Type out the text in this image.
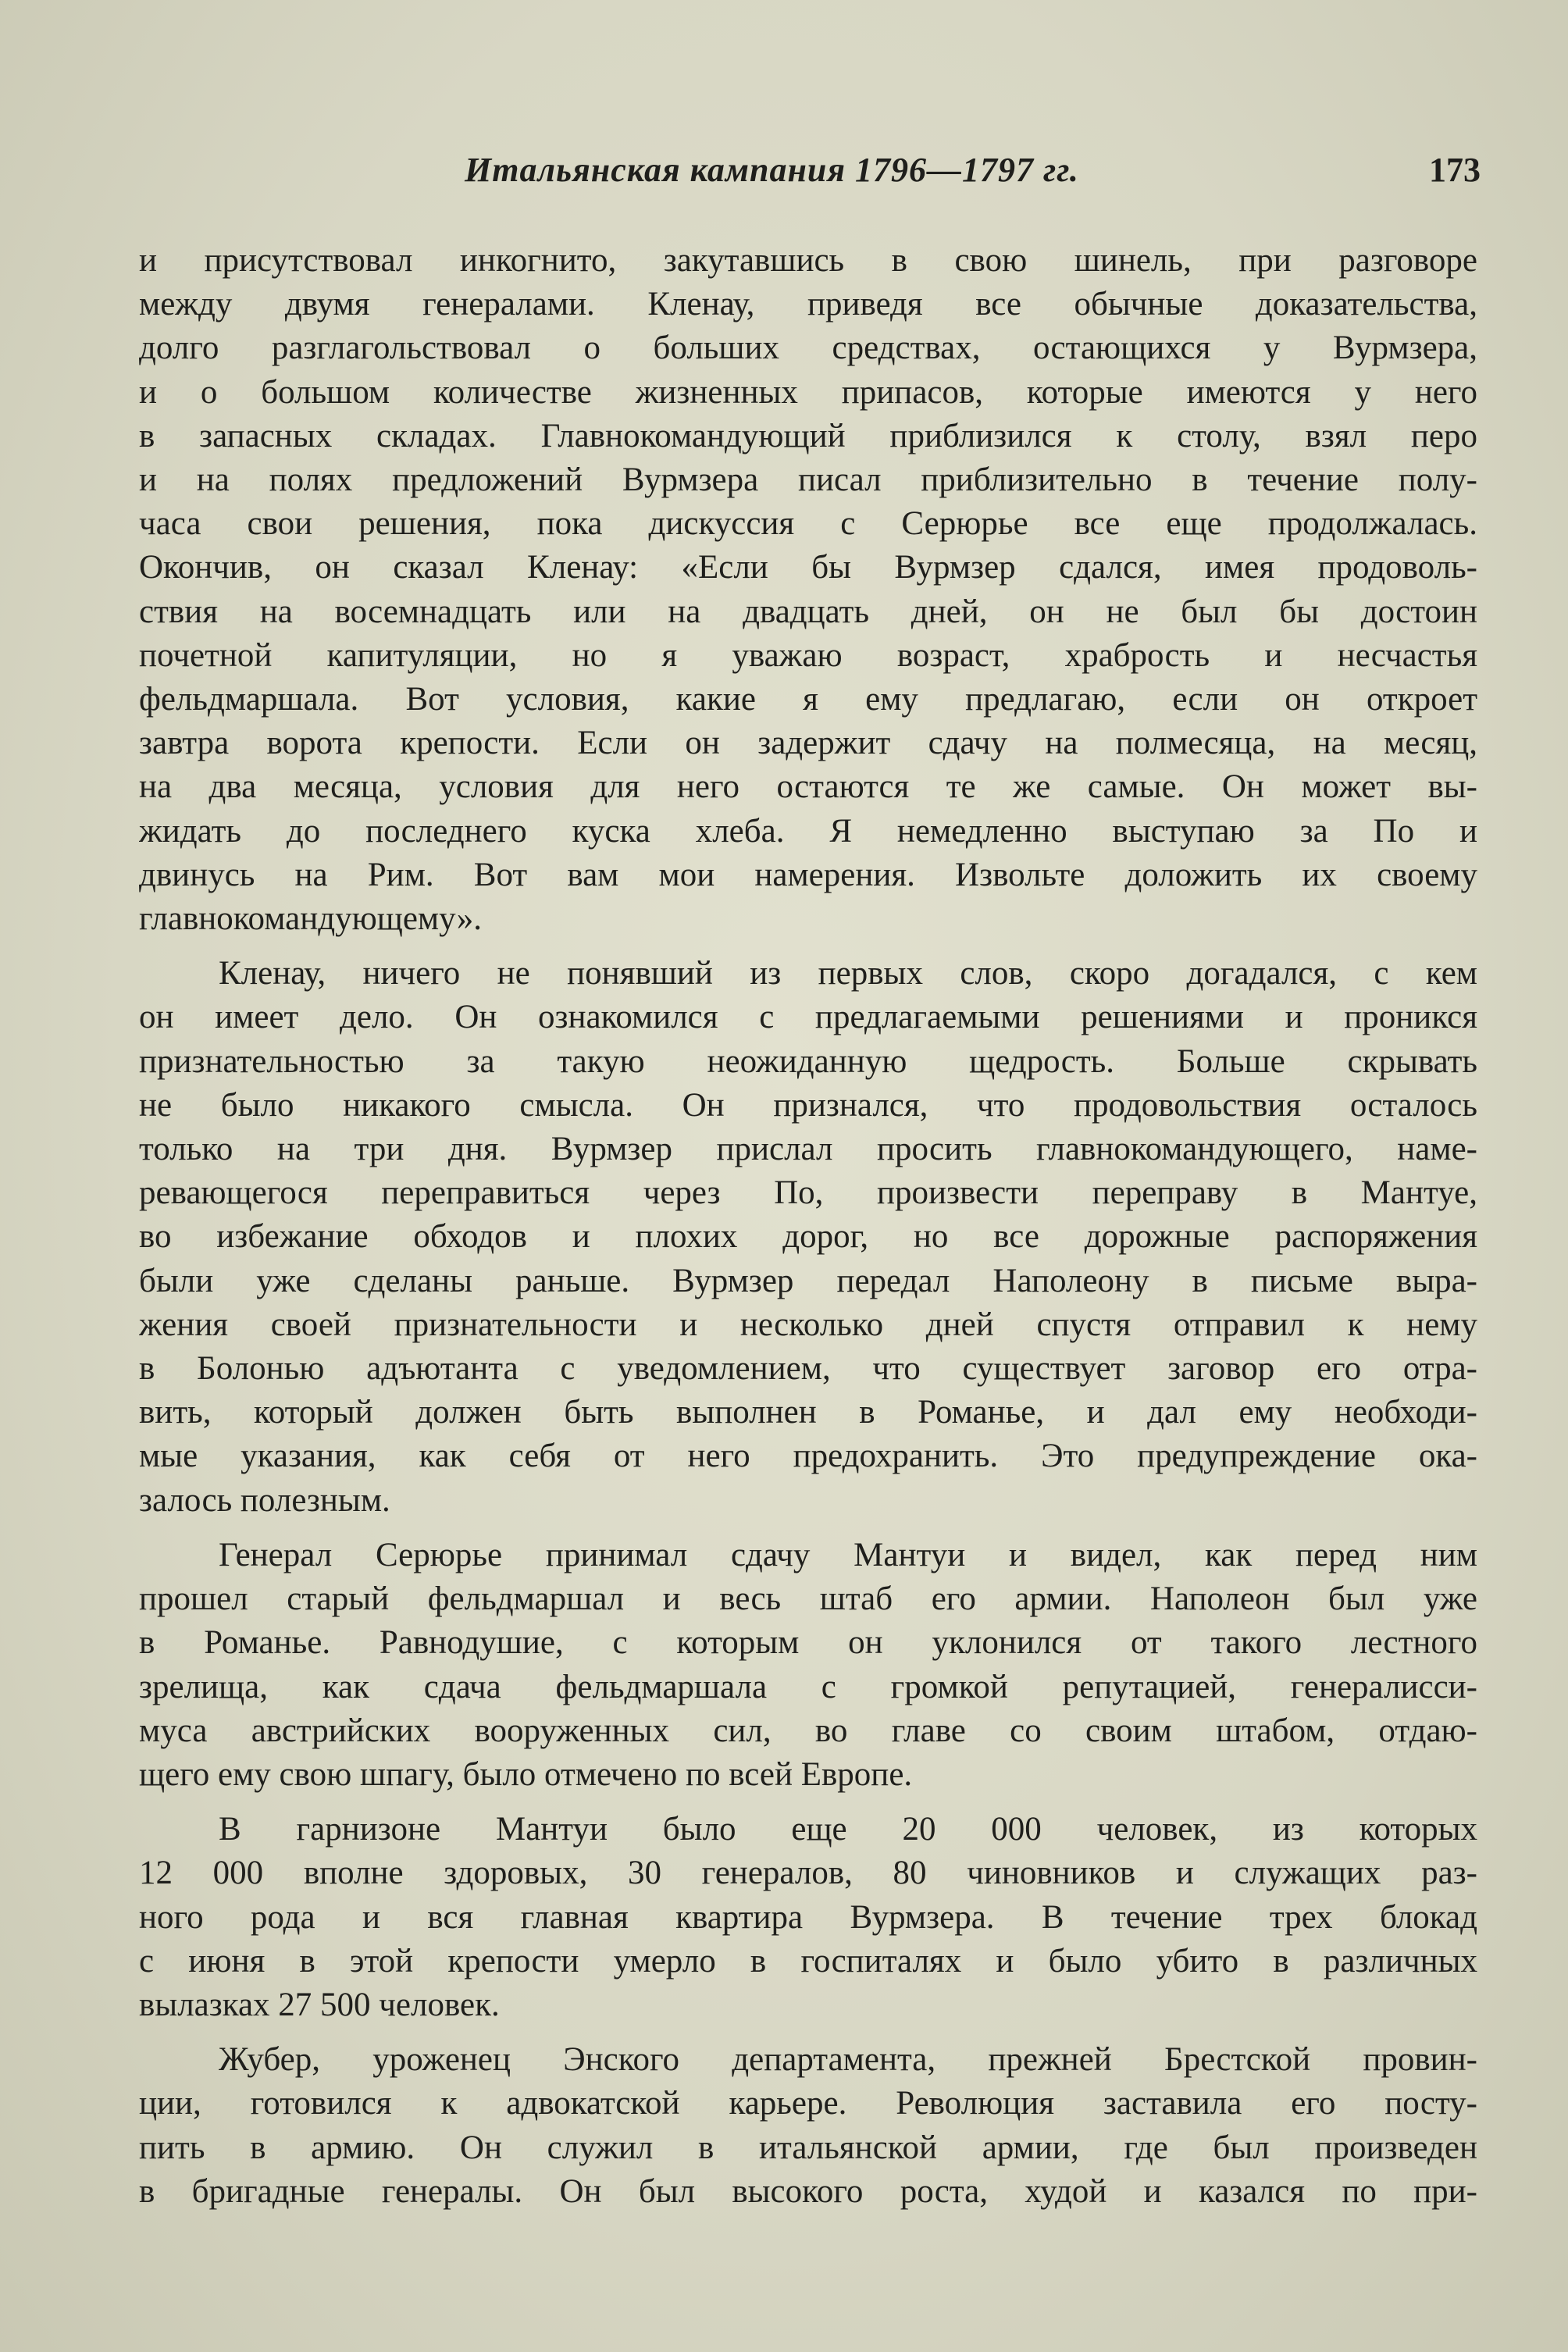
Итальянская кампания 1796—1797 гг.	173

и присутствовал инкогнито, закутавшись в свою шинель, при разговоре

между двумя генералами. Кленау, приведя все обычные доказательства,

долго разглагольствовал о больших средствах, остающихся у Вурмзера,

и о большом количестве жизненных припасов, которые имеются у него

в запасных складах. Главнокомандующий приблизился к столу, взял перо

и на полях предложений Вурмзера писал приблизительно в течение полу-

часа свои решения, пока дискуссия с Серюрье все еще продолжалась.

Окончив, он сказал Кленау: «Если бы Вурмзер сдался, имея продоволь-

ствия на восемнадцать или на двадцать дней, он не был бы достоин

почетной капитуляции, но я уважаю возраст, храбрость и несчастья

фельдмаршала. Вот условия, какие я ему предлагаю, если он откроет

завтра ворота крепости. Если он задержит сдачу на полмесяца, на месяц,

на два месяца, условия для него остаются те же самые. Он может вы-

жидать до последнего куска хлеба. Я немедленно выступаю за По и

двинусь на Рим. Вот вам мои намерения. Извольте доложить их своему

главнокомандующему».

Кленау, ничего не понявший из первых слов, скоро догадался, с кем

он имеет дело. Он ознакомился с предлагаемыми решениями и проникся

признательностью за такую неожиданную щедрость. Больше скрывать

не было никакого смысла. Он признался, что продовольствия осталось

только на три дня. Вурмзер прислал просить главнокомандующего, наме-

ревающегося переправиться через По, произвести переправу в Мантуе,

во избежание обходов и плохих дорог, но все дорожные распоряжения

были уже сделаны раньше. Вурмзер передал Наполеону в письме выра-

жения своей признательности и несколько дней спустя отправил к нему

в Болонью адъютанта с уведомлением, что существует заговор его отра-

вить, который должен быть выполнен в Романье, и дал ему необходи-

мые указания, как себя от него предохранить. Это предупреждение ока-

залось полезным.

Генерал Серюрье принимал сдачу Мантуи и видел, как перед ним

прошел старый фельдмаршал и весь штаб его армии. Наполеон был уже

в Романье. Равнодушие, с которым он уклонился от такого лестного

зрелища, как сдача фельдмаршала с громкой репутацией, генералисси-

муса австрийских вооруженных сил, во главе со своим штабом, отдаю-

щего ему свою шпагу, было отмечено по всей Европе.

В гарнизоне Мантуи было еще 20 000 человек, из которых

12 000 вполне здоровых, 30 генералов, 80 чиновников и служащих раз-

ного рода и вся главная квартира Вурмзера. В течение трех блокад

с июня в этой крепости умерло в госпиталях и было убито в различных

вылазках 27 500 человек.

Жубер, уроженец Энского департамента, прежней Брестской провин-

ции, готовился к адвокатской карьере. Революция заставила его посту-

пить в армию. Он служил в итальянской армии, где был произведен

в бригадные генералы. Он был высокого роста, худой и казался по при-
